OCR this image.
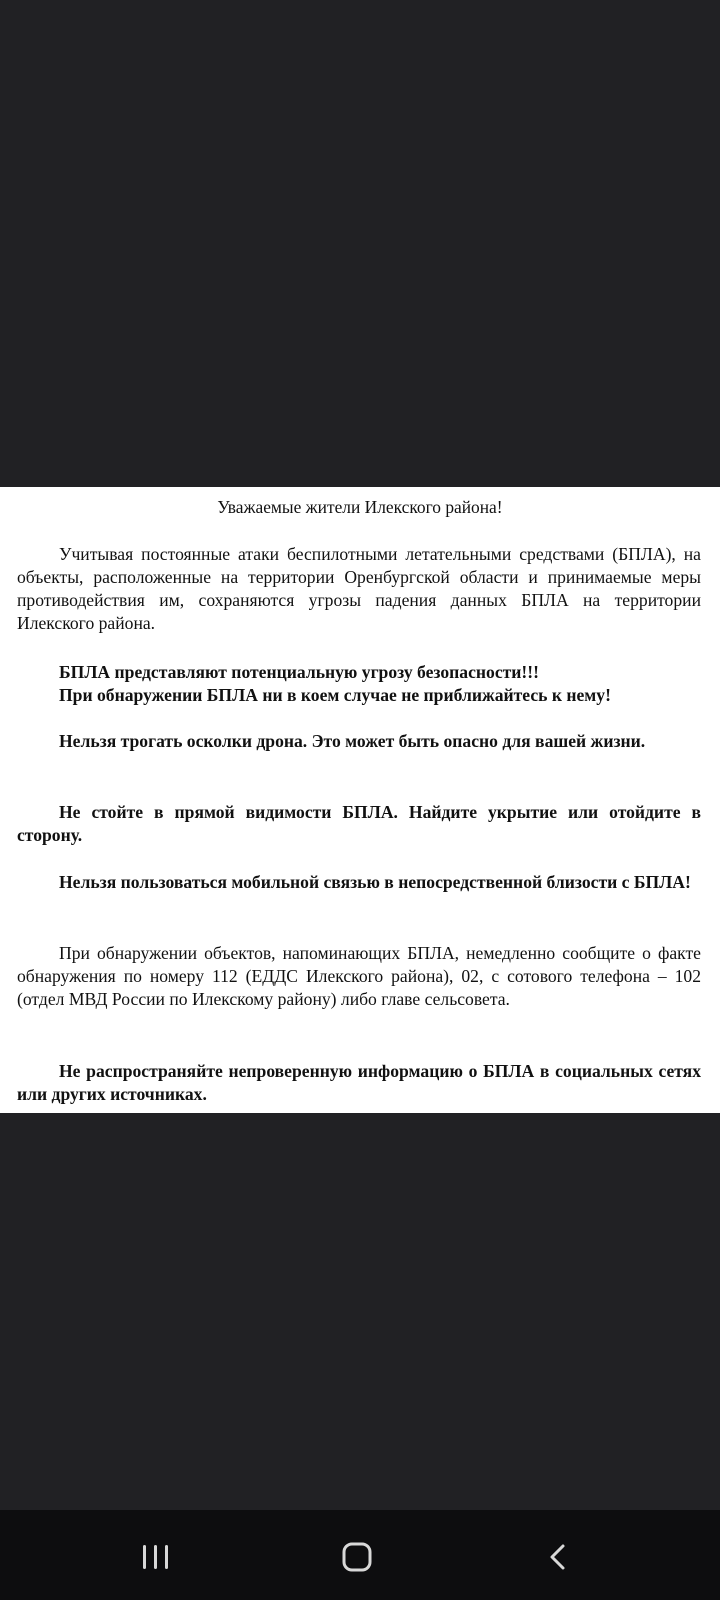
Уважаемые жители Илекского района!

Учитывая постоянные атаки беспилотными летательными средствами (БПЛА), на объекты, расположенные на территории Оренбургской области и принимаемые меры противодействия им, сохраняются угрозы падения данных БПЛА на территории Илекского района.

БПЛА представляют потенциальную угрозу безопасности!!!

При обнаружении БПЛА ни в коем случае не приближайтесь к нему!

Нельзя трогать осколки дрона. Это может быть опасно для вашей жизни.

Не стойте в прямой видимости БПЛА. Найдите укрытие или отойдите в сторону.

Нельзя пользоваться мобильной связью в непосредственной близости с БПЛА!

При обнаружении объектов, напоминающих БПЛА, немедленно сообщите о факте обнаружения по номеру 112 (ЕДДС Илекского района), 02, с сотового телефона – 102 (отдел МВД России по Илекскому району) либо главе сельсовета.

Не распространяйте непроверенную информацию о БПЛА в социальных сетях или других источниках.
